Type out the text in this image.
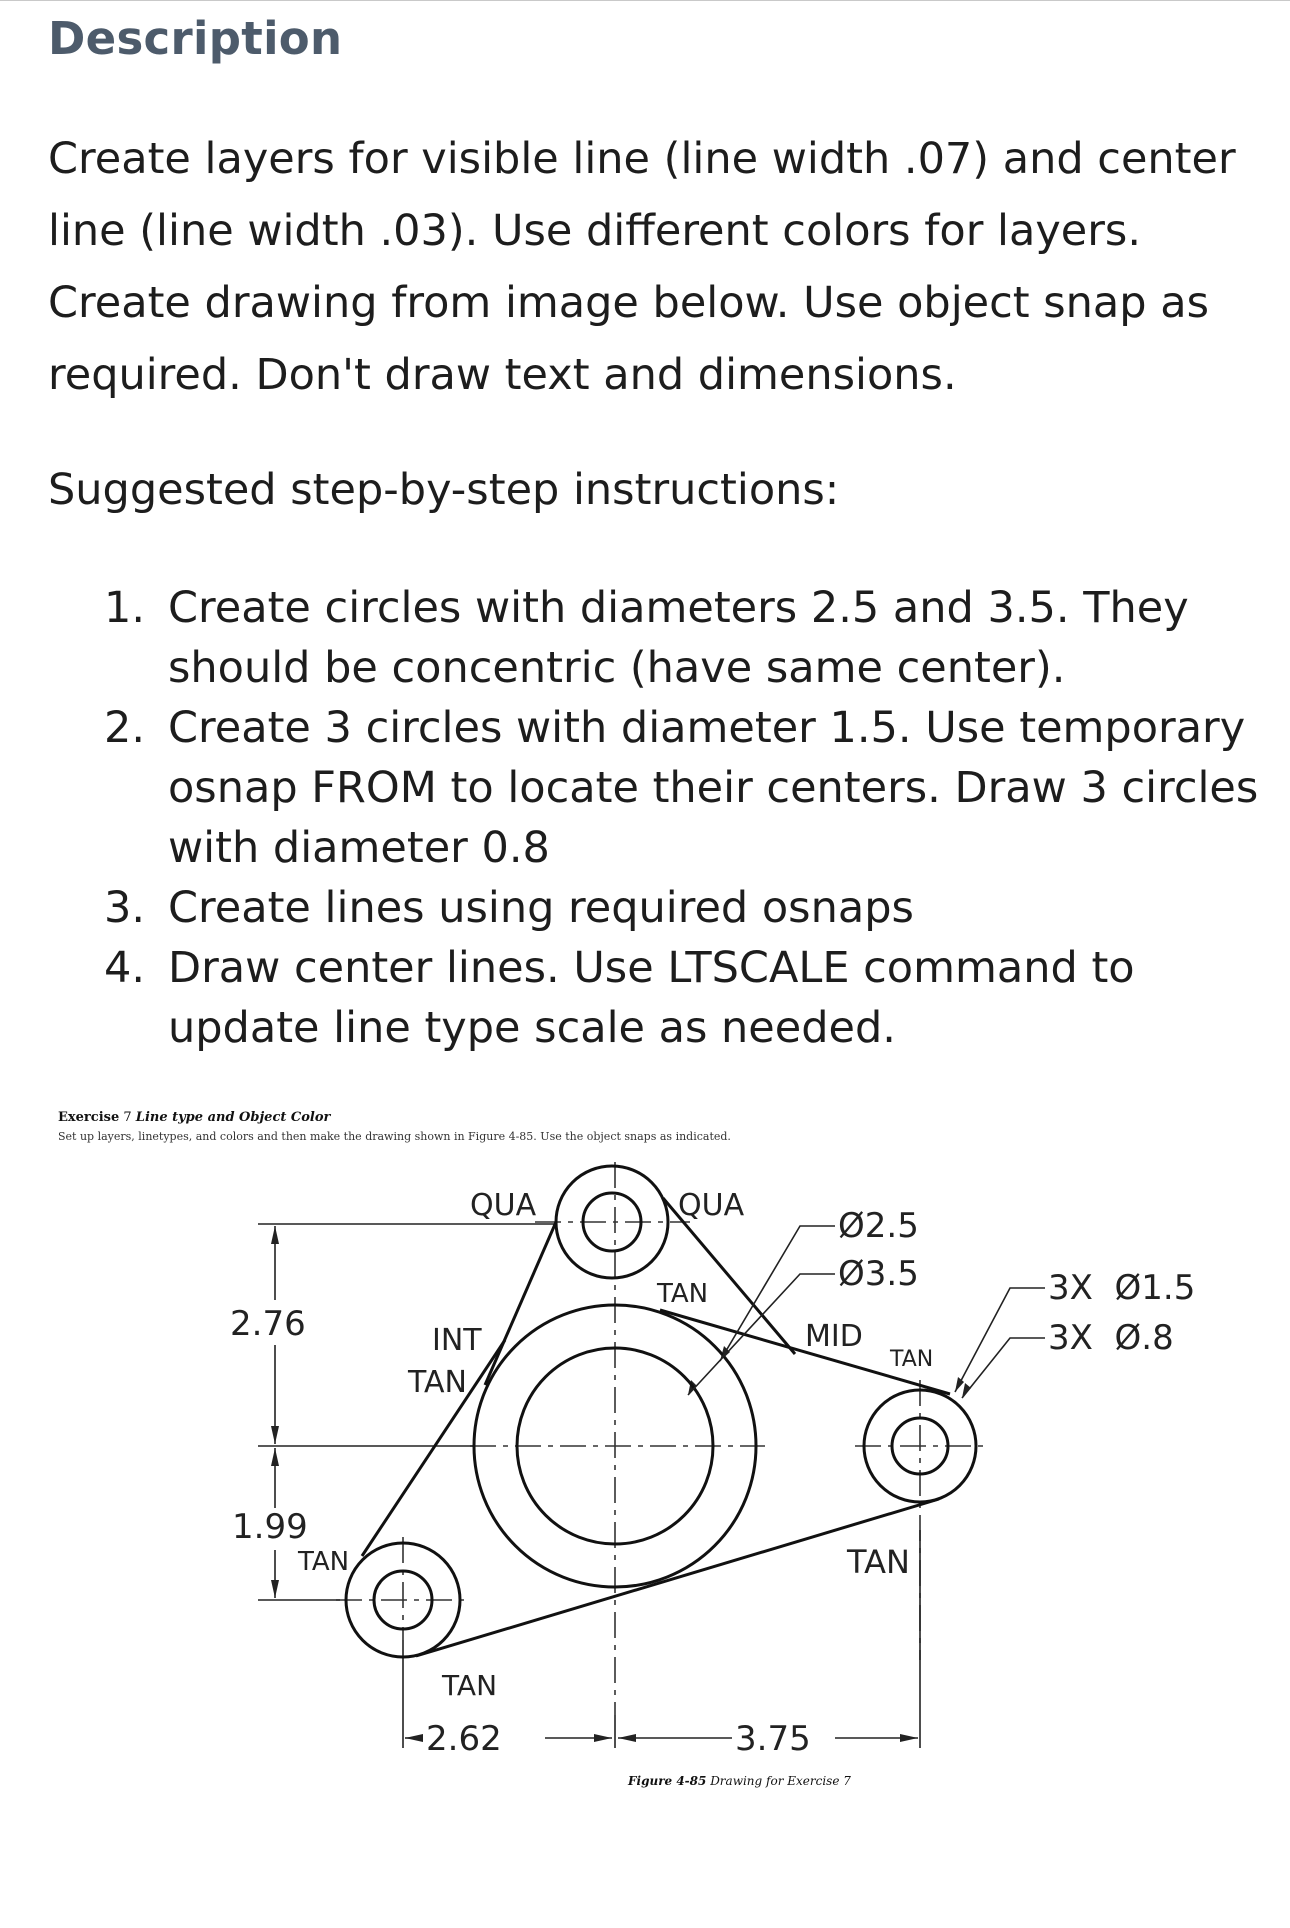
Description
Create layers for visible line (line width .07) and center
line (line width .03). Use different colors for layers.
Create drawing from image below. Use object snap as
required. Don't draw text and dimensions.
Suggested step-by-step instructions:
1. Create circles with diameters 2.5 and 3.5. They
should be concentric (have same center).
2. Create 3 circles with diameter 1.5. Use temporary
osnap FROM to locate their centers. Draw 3 circles
with diameter 0.8
3. Create lines using required osnaps
4. Draw center lines. Use LTSCALE command to
update line type scale as needed.
Exercise 7 Line type and Object Color
Set up layers, linetypes, and colors and then make the drawing shown in Figure 4-85. Use the object snaps as indicated.
QUA	QUA
TAN
INT
TAN
MID
TAN
TAN	TAN
TAN
Ø2.5
Ø3.5	3X  Ø1.5
3X  Ø.8
2.76
1.99
2.62	3.75
Figure 4-85 Drawing for Exercise 7
